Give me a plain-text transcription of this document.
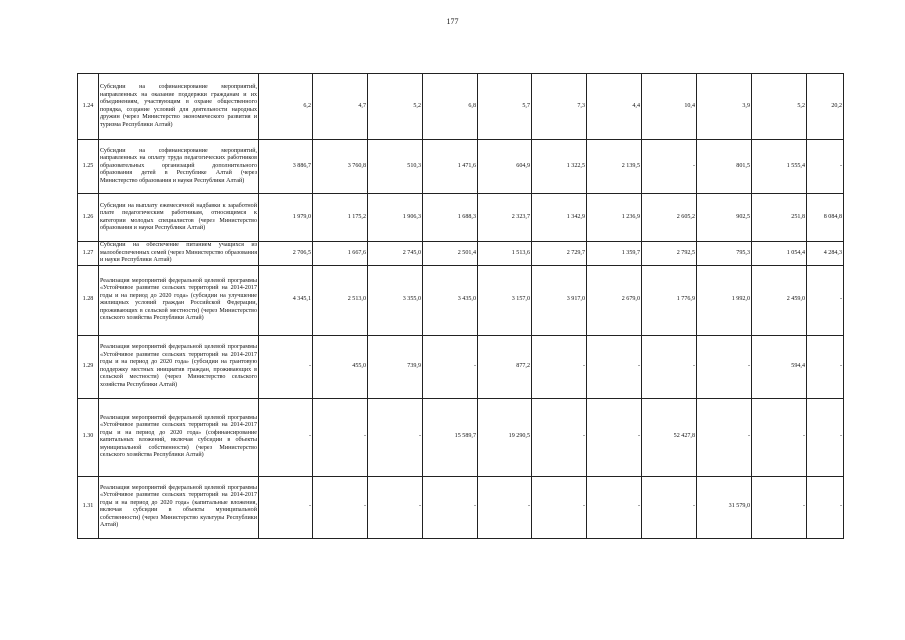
177
1.24	Субсидии на софинансирование мероприятий, направленных на оказание поддержки гражданам и их объединениям, участвующим в охране общественного порядка, создание условий для деятельности народных дружин (через Министерство экономического развития и туризма Республики Алтай)	6,2	4,7	5,2	6,8	5,7	7,3	4,4	10,4	3,9	5,2	20,2
1.25	Субсидии на софинансирование мероприятий, направленных на оплату труда педагогических работников образовательных организаций дополнительного образования детей в Республике Алтай (через Министерство образования и науки Республики Алтай)	3 886,7	3 760,8	510,3	1 471,6	604,9	1 322,5	2 139,5	-	801,5	1 555,4	-
1.26	Субсидии на выплату ежемесячной надбавки к заработной плате педагогическим работникам, относящимся к категории молодых специалистов (через Министерство образования и науки Республики Алтай)	1 979,0	1 175,2	1 906,3	1 688,3	2 323,7	1 342,9	1 236,9	2 605,2	902,5	251,8	8 084,8
1.27	Субсидии на обеспечение питанием учащихся из малообеспеченных семей (через Министерство образования и науки Республики Алтай)	2 706,5	1 667,6	2 745,0	2 501,4	1 513,6	2 729,7	1 359,7	2 792,5	795,3	1 054,4	4 284,3
1.28	Реализация мероприятий федеральной целевой программы «Устойчивое развитие сельских территорий на 2014-2017 годы и на период до 2020 года» (субсидии на улучшение жилищных условий граждан Российской Федерации, проживающих в сельской местности) (через Министерство сельского хозяйства Республики Алтай)	4 345,1	2 513,0	3 355,0	3 435,0	3 157,0	3 917,0	2 679,0	1 776,9	1 992,0	2 459,0	-
1.29	Реализация мероприятий федеральной целевой программы «Устойчивое развитие сельских территорий на 2014-2017 годы и на период до 2020 года» (субсидии на грантовую поддержку местных инициатив граждан, проживающих в сельской местности) (через Министерство сельского хозяйства Республики Алтай)	-	455,0	739,9	-	877,2	-	-	-	-	594,4	-
1.30	Реализация мероприятий федеральной целевой программы «Устойчивое развитие сельских территорий на 2014-2017 годы и на период до 2020 года» (софинансирование капитальных вложений, включая субсидии в объекты муниципальной собственности) (через Министерство сельского хозяйства Республики Алтай)	-	-	-	15 589,7	19 290,5	-	-	52 427,8	-	-	-
1.31	Реализация мероприятий федеральной целевой программы «Устойчивое развитие сельских территорий на 2014-2017 годы и на период до 2020 года» (капитальные вложения, включая субсидии в объекты муниципальной собственности) (через Министерство культуры Республики Алтай)	-	-	-	-	-	-	-	-	31 579,0	-	-
